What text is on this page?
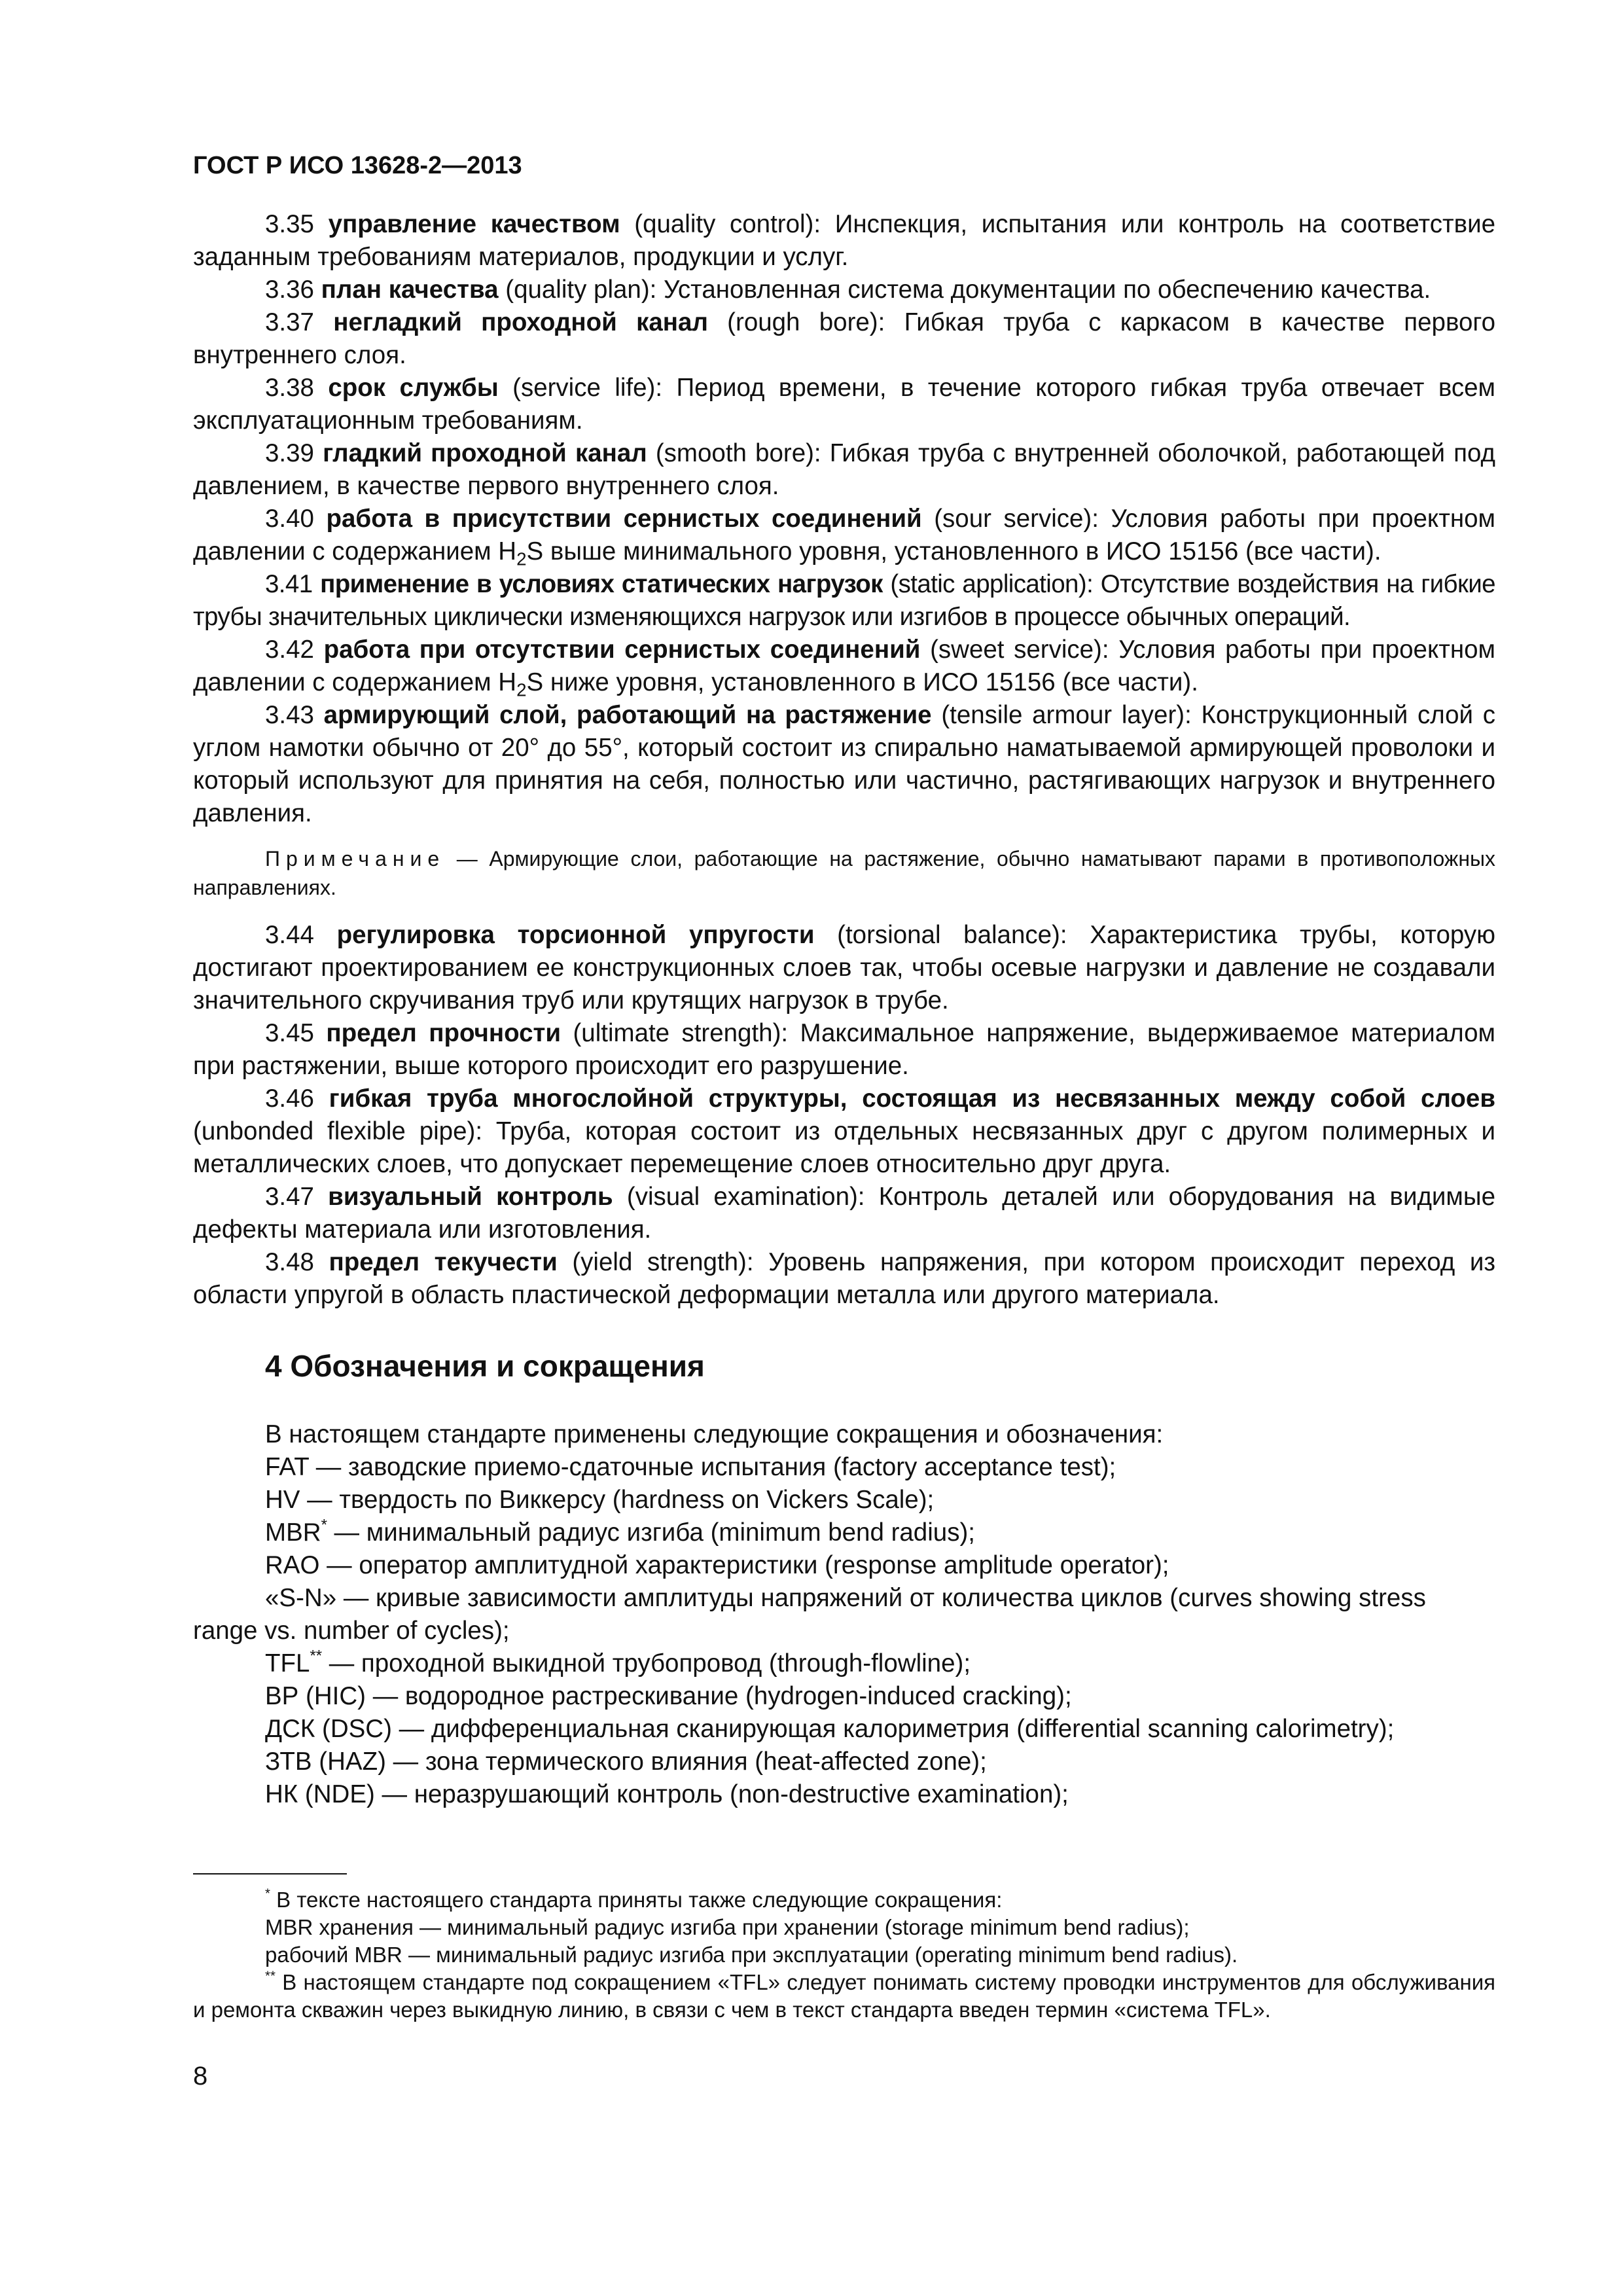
ГОСТ Р ИСО 13628-2—2013

3.35 управление качеством (quality control): Инспекция, испытания или контроль на соответствие заданным требованиям материалов, продукции и услуг.

3.36 план качества (quality plan): Установленная система документации по обеспечению качества.

3.37 негладкий проходной канал (rough bore): Гибкая труба с каркасом в качестве первого внутреннего слоя.

3.38 срок службы (service life): Период времени, в течение которого гибкая труба отвечает всем эксплуатационным требованиям.

3.39 гладкий проходной канал (smooth bore): Гибкая труба с внутренней оболочкой, работающей под давлением, в качестве первого внутреннего слоя.

3.40 работа в присутствии сернистых соединений (sour service): Условия работы при проектном давлении с содержанием $H_2S$ выше минимального уровня, установленного в ИСО 15156 (все части).

3.41 применение в условиях статических нагрузок (static application): Отсутствие воздействия на гибкие трубы значительных циклически изменяющихся нагрузок или изгибов в процессе обычных операций.

3.42 работа при отсутствии сернистых соединений (sweet service): Условия работы при проектном давлении с содержанием $H_2S$ ниже уровня, установленного в ИСО 15156 (все части).

3.43 армирующий слой, работающий на растяжение (tensile armour layer): Конструкционный слой с углом намотки обычно от 20° до 55°, который состоит из спирально наматываемой армирующей проволоки и который используют для принятия на себя, полностью или частично, растягивающих нагрузок и внутреннего давления.

Примечание — Армирующие слои, работающие на растяжение, обычно наматывают парами в противоположных направлениях.

3.44 регулировка торсионной упругости (torsional balance): Характеристика трубы, которую достигают проектированием ее конструкционных слоев так, чтобы осевые нагрузки и давление не создавали значительного скручивания труб или крутящих нагрузок в трубе.

3.45 предел прочности (ultimate strength): Максимальное напряжение, выдерживаемое материалом при растяжении, выше которого происходит его разрушение.

3.46 гибкая труба многослойной структуры, состоящая из несвязанных между собой слоев (unbonded flexible pipe): Труба, которая состоит из отдельных несвязанных друг с другом полимерных и металлических слоев, что допускает перемещение слоев относительно друг друга.

3.47 визуальный контроль (visual examination): Контроль деталей или оборудования на видимые дефекты материала или изготовления.

3.48 предел текучести (yield strength): Уровень напряжения, при котором происходит переход из области упругой в область пластической деформации металла или другого материала.

4 Обозначения и сокращения

В настоящем стандарте применены следующие сокращения и обозначения:

FAT — заводские приемо-сдаточные испытания (factory acceptance test);

HV — твердость по Виккерсу (hardness on Vickers Scale);

MBR* — минимальный радиус изгиба (minimum bend radius);

RAO — оператор амплитудной характеристики (response amplitude operator);

«S-N» — кривые зависимости амплитуды напряжений от количества циклов (curves showing stress
range vs. number of cycles);

TFL** — проходной выкидной трубопровод (through-flowline);

ВР (HIC) — водородное растрескивание (hydrogen-induced cracking);

ДСК (DSC) — дифференциальная сканирующая калориметрия (differential scanning calorimetry);

ЗТВ (HAZ) — зона термического влияния (heat-affected zone);

НК (NDE) — неразрушающий контроль (non-destructive examination);

* В тексте настоящего стандарта приняты также следующие сокращения:

MBR хранения — минимальный радиус изгиба при хранении (storage minimum bend radius);

рабочий MBR — минимальный радиус изгиба при эксплуатации (operating minimum bend radius).

** В настоящем стандарте под сокращением «TFL» следует понимать систему проводки инструментов для обслуживания и ремонта скважин через выкидную линию, в связи с чем в текст стандарта введен термин «система TFL».

8
